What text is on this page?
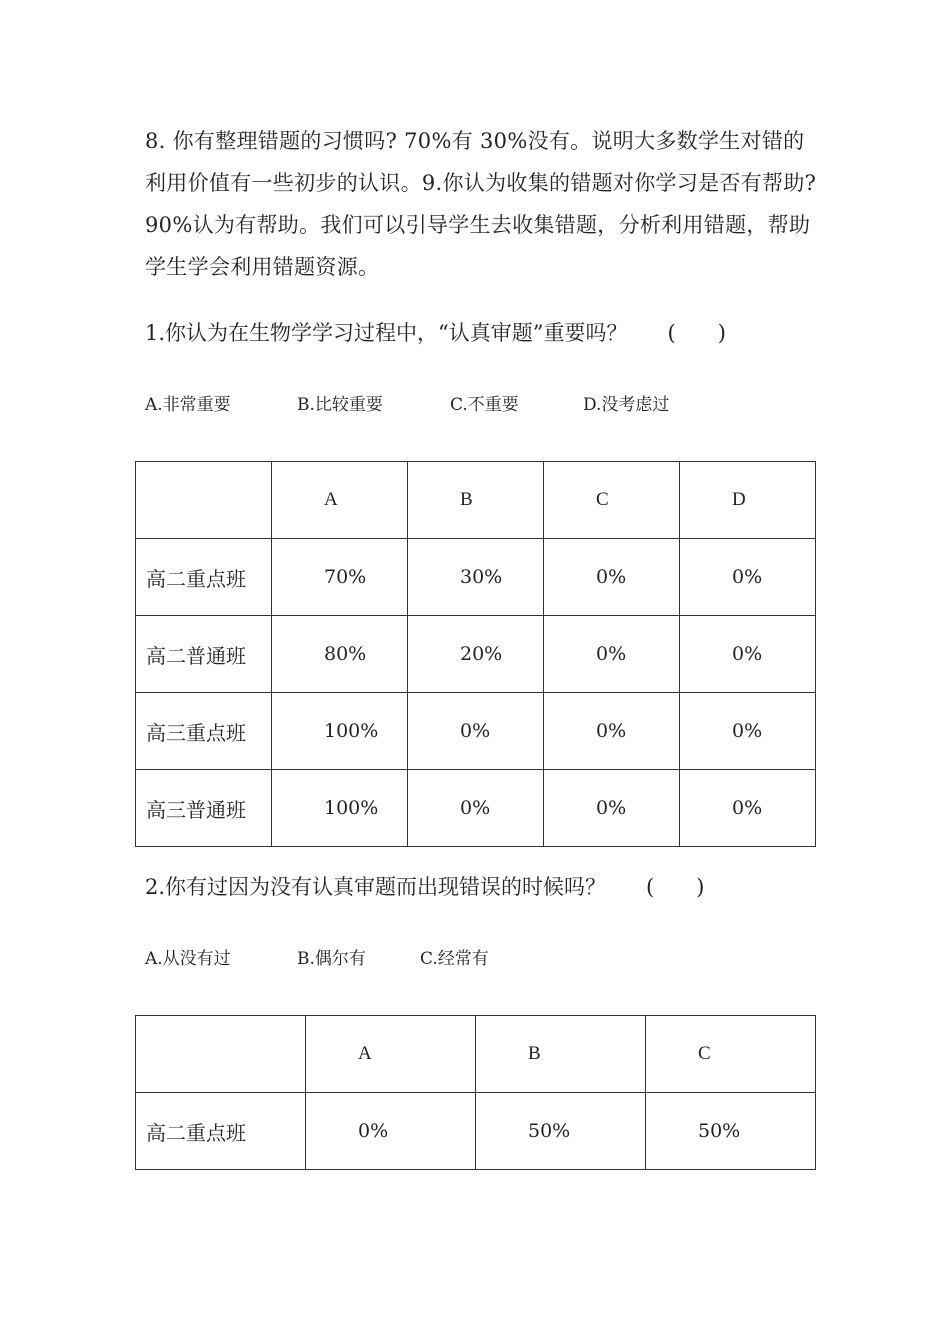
8. 你有整理错题的习惯吗? 70%有 30%没有。说明大多数学生对错的利用价值有一些初步的认识。9.你认为收集的错题对你学习是否有帮助?90%认为有帮助。我们可以引导学生去收集错题，分析利用错题，帮助学生学会利用错题资源。

1.你认为在生物学学习过程中，“认真审题”重要吗？ (　　)

A.非常重要	B.比较重要	C.不重要	D.没考虑过

	A	B	C	D
高二重点班	70%	30%	0%	0%
高二普通班	80%	20%	0%	0%
高三重点班	100%	0%	0%	0%
高三普通班	100%	0%	0%	0%

2.你有过因为没有认真审题而出现错误的时候吗？ (　　)

A.从没有过	B.偶尔有	C.经常有

	A	B	C
高二重点班	0%	50%	50%
